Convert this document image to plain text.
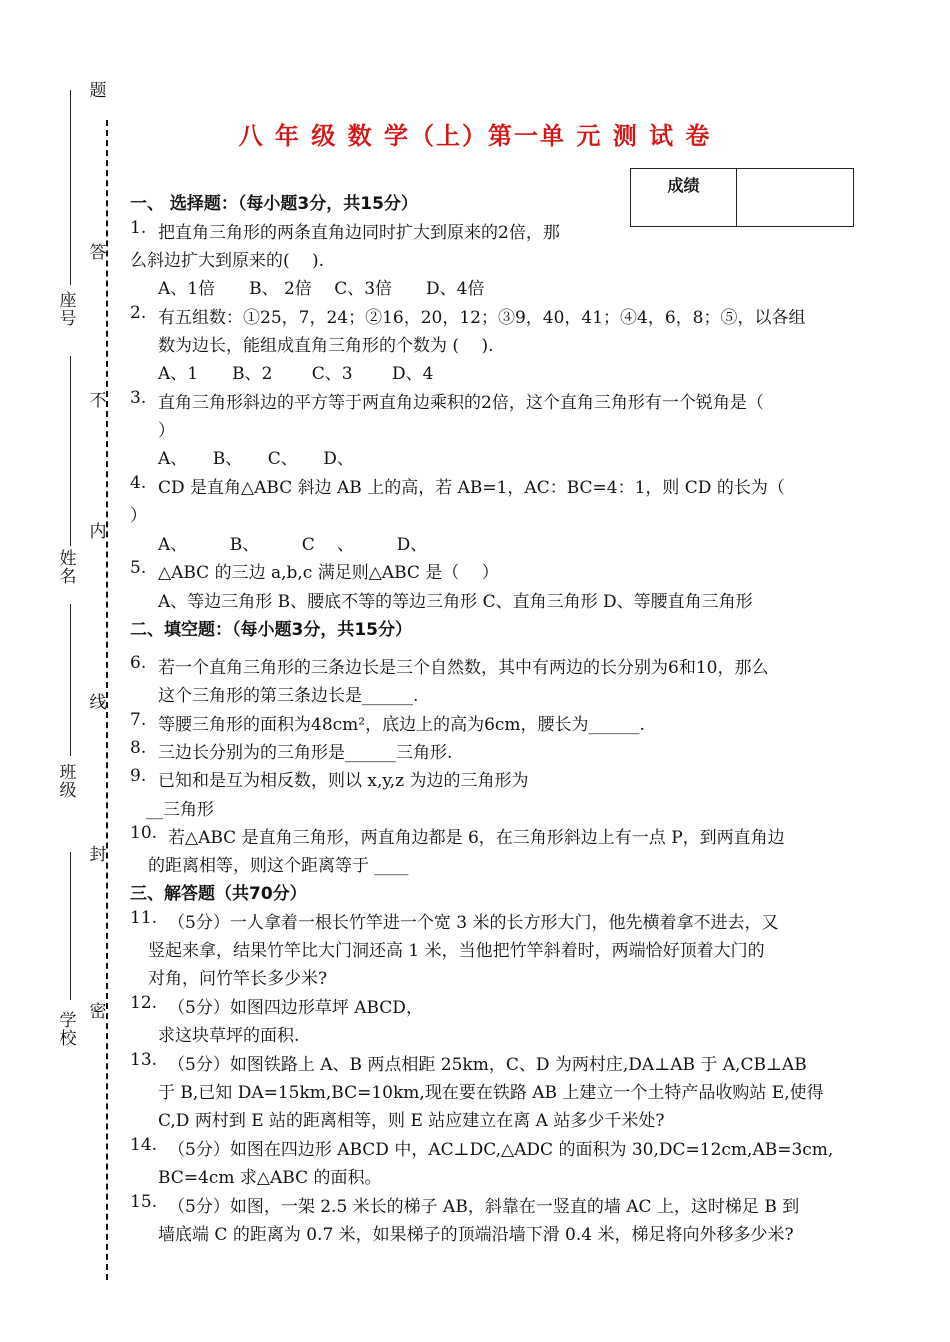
题
答
不
内
线
封
密
座号
姓名
班级
学校
八 年 级 数 学（上）第一单 元 测 试 卷
成绩
一、 选择题：（每小题3分，共15分）
1. 把直角三角形的两条直角边同时扩大到原来的2倍，那
么斜边扩大到原来的(　 ).
A、1倍　　B、 2倍　 C、3倍　　D、4倍
2. 有五组数：①25，7，24；②16，20，12；③9，40，41；④4，6，8；⑤，以各组
数为边长，能组成直角三角形的个数为 (　 ).
A、1　　B、2　　 C、3　　 D、4
3. 直角三角形斜边的平方等于两直角边乘积的2倍，这个直角三角形有一个锐角是（
）
A、　　B、　　C、　　D、
4. CD 是直角△ABC 斜边 AB 上的高，若 AB=1，AC：BC=4：1，则 CD 的长为（
）
A、　　　B、　　　C　 、　　　D、
5. △ABC 的三边 a,b,c 满足则△ABC 是（　 ）
A、等边三角形 B、腰底不等的等边三角形 C、直角三角形 D、等腰直角三角形
二、填空题：（每小题3分，共15分）
6. 若一个直角三角形的三条边长是三个自然数，其中有两边的长分别为6和10，那么
这个三角形的第三条边长是______.
7. 等腰三角形的面积为48cm²，底边上的高为6cm，腰长为______.
8. 三边长分别为的三角形是______三角形.
9. 已知和是互为相反数，则以 x,y,z 为边的三角形为
__三角形
10. 若△ABC 是直角三角形，两直角边都是 6，在三角形斜边上有一点 P，到两直角边
的距离相等，则这个距离等于 ____
三、解答题（共70分）
11. （5分）一人拿着一根长竹竿进一个宽 3 米的长方形大门，他先横着拿不进去，又
竖起来拿，结果竹竿比大门洞还高 1 米，当他把竹竿斜着时，两端恰好顶着大门的
对角，问竹竿长多少米?
12. （5分）如图四边形草坪 ABCD，
求这块草坪的面积.
13. （5分）如图铁路上 A、B 两点相距 25km，C、D 为两村庄,DA⊥AB 于 A,CB⊥AB
于 B,已知 DA=15km,BC=10km,现在要在铁路 AB 上建立一个土特产品收购站 E,使得
C,D 两村到 E 站的距离相等，则 E 站应建立在离 A 站多少千米处?
14. （5分）如图在四边形 ABCD 中，AC⊥DC,△ADC 的面积为 30,DC=12cm,AB=3cm,
BC=4cm 求△ABC 的面积。
15. （5分）如图，一架 2.5 米长的梯子 AB，斜靠在一竖直的墙 AC 上，这时梯足 B 到
墙底端 C 的距离为 0.7 米，如果梯子的顶端沿墙下滑 0.4 米，梯足将向外移多少米?
